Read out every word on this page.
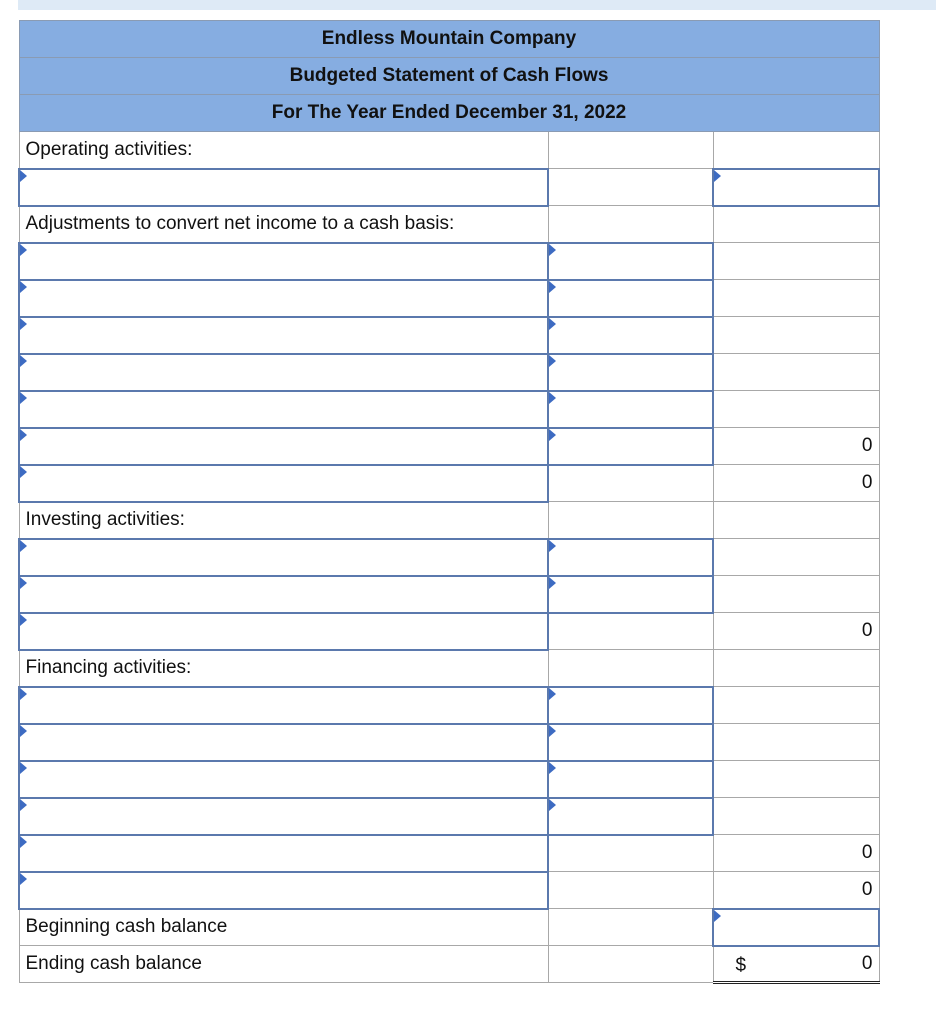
Endless Mountain Company		
Budgeted Statement of Cash Flows		
For The Year Ended December 31, 2022		
Operating activities:		

Adjustments to convert net income to a cash basis:		

		0
		0
Investing activities:		

		0
Financing activities:		

		0
		0
Beginning cash balance		
Ending cash balance		$ 0
